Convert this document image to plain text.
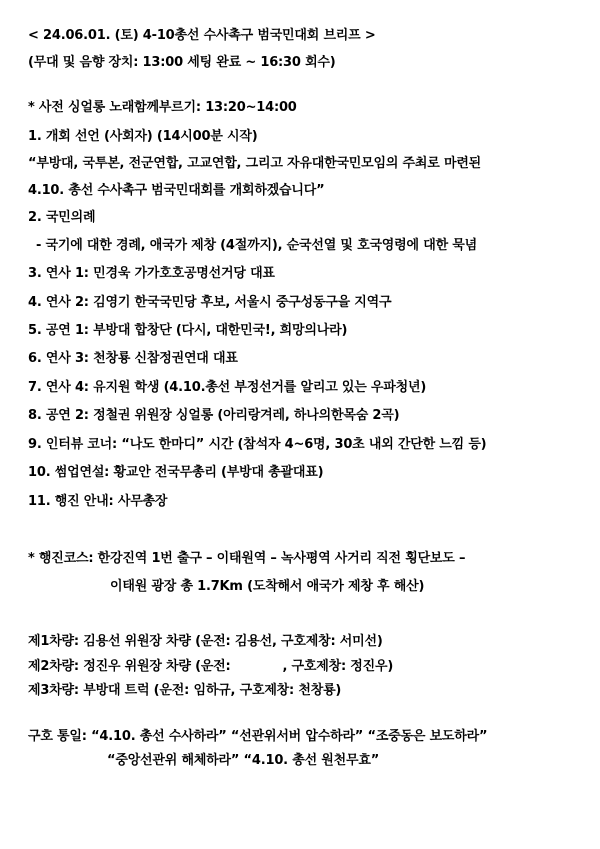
< 24.06.01. (토) 4-10총선 수사촉구 범국민대회 브리프 >
(무대 및 음향 장치: 13:00 세팅 완료 ~ 16:30 회수)
* 사전 싱얼롱 노래함께부르기: 13:20~14:00
1. 개회 선언 (사회자) (14시00분 시작)
“부방대, 국투본, 전군연합, 고교연합, 그리고 자유대한국민모임의 주최로 마련된
4.10. 총선 수사촉구 범국민대회를 개회하겠습니다”
2. 국민의례
- 국기에 대한 경례, 애국가 제창 (4절까지), 순국선열 및 호국영령에 대한 묵념
3. 연사 1: 민경욱 가가호호공명선거당 대표
4. 연사 2: 김영기 한국국민당 후보, 서울시 중구성동구을 지역구
5. 공연 1: 부방대 합창단 (다시, 대한민국!, 희망의나라)
6. 연사 3: 천창룡 신참정권연대 대표
7. 연사 4: 유지원 학생 (4.10.총선 부정선거를 알리고 있는 우파청년)
8. 공연 2: 정철권 위원장 싱얼롱 (아리랑겨레, 하나의한목숨 2곡)
9. 인터뷰 코너: “나도 한마디” 시간 (참석자 4~6명, 30초 내외 간단한 느낌 등)
10. 썸업연설: 황교안 전국무총리 (부방대 총괄대표)
11. 행진 안내: 사무총장
* 행진코스: 한강진역 1번 출구 – 이태원역 – 녹사평역 사거리 직전 횡단보도 –
이태원 광장 총 1.7Km (도착해서 애국가 제창 후 해산)
제1차량: 김용선 위원장 차량 (운전: 김용선, 구호제창: 서미선)
제2차량: 정진우 위원장 차량 (운전:            , 구호제창: 정진우)
제3차량: 부방대 트럭 (운전: 임하규, 구호제창: 천창룡)
구호 통일: “4.10. 총선 수사하라” “선관위서버 압수하라” “조중동은 보도하라”
“중앙선관위 해체하라” “4.10. 총선 원천무효”
